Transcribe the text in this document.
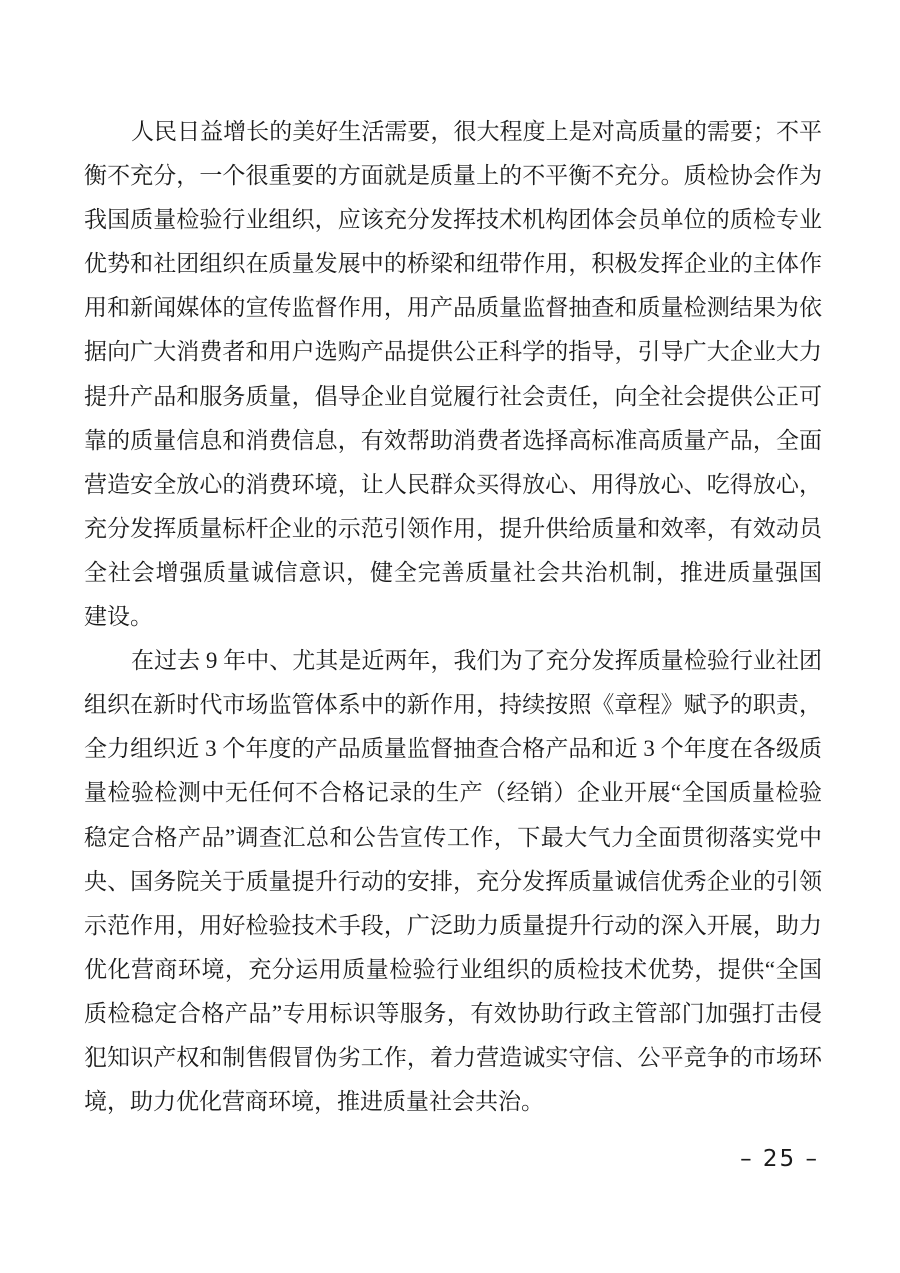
人民日益增长的美好生活需要，很大程度上是对高质量的需要；不平
衡不充分，一个很重要的方面就是质量上的不平衡不充分。质检协会作为
我国质量检验行业组织，应该充分发挥技术机构团体会员单位的质检专业
优势和社团组织在质量发展中的桥梁和纽带作用，积极发挥企业的主体作
用和新闻媒体的宣传监督作用，用产品质量监督抽查和质量检测结果为依
据向广大消费者和用户选购产品提供公正科学的指导，引导广大企业大力
提升产品和服务质量，倡导企业自觉履行社会责任，向全社会提供公正可
靠的质量信息和消费信息，有效帮助消费者选择高标准高质量产品，全面
营造安全放心的消费环境，让人民群众买得放心、用得放心、吃得放心，
充分发挥质量标杆企业的示范引领作用，提升供给质量和效率，有效动员
全社会增强质量诚信意识，健全完善质量社会共治机制，推进质量强国
建设。
在过去 9 年中、尤其是近两年，我们为了充分发挥质量检验行业社团
组织在新时代市场监管体系中的新作用，持续按照《章程》赋予的职责，
全力组织近 3 个年度的产品质量监督抽查合格产品和近 3 个年度在各级质
量检验检测中无任何不合格记录的生产（经销）企业开展“全国质量检验
稳定合格产品”调查汇总和公告宣传工作，下最大气力全面贯彻落实党中
央、国务院关于质量提升行动的安排，充分发挥质量诚信优秀企业的引领
示范作用，用好检验技术手段，广泛助力质量提升行动的深入开展，助力
优化营商环境，充分运用质量检验行业组织的质检技术优势，提供“全国
质检稳定合格产品”专用标识等服务，有效协助行政主管部门加强打击侵
犯知识产权和制售假冒伪劣工作，着力营造诚实守信、公平竞争的市场环
境，助力优化营商环境，推进质量社会共治。
– 25 –
